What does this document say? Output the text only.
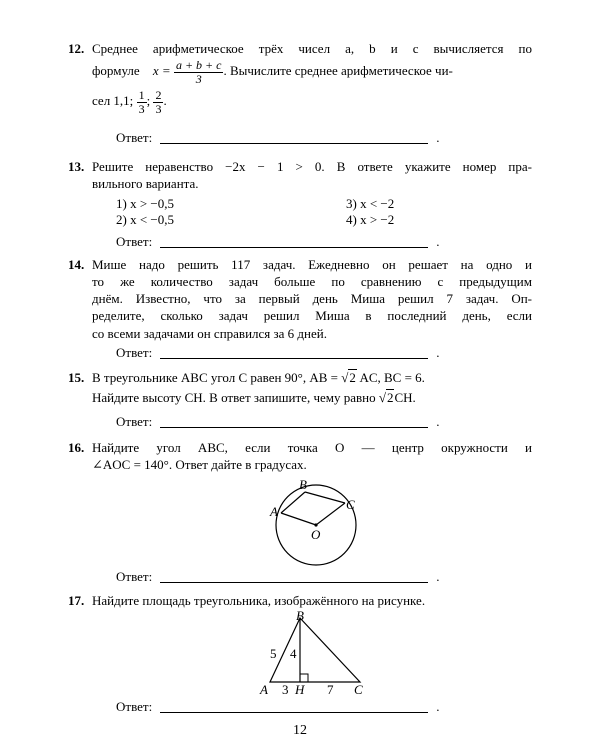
12. Среднее арифметическое трёх чисел a, b и c вычисляется по
формуле $x = \frac{a + b + c}{3}$ . Вычислите среднее арифметическое чи-
сел 1,1; $\frac{1}{3}$ ; $\frac{2}{3}$ .
Ответ:	.
13. Решите неравенство −2x − 1 > 0. В ответе укажите номер пра-
вильного варианта.
1) x > −0,5
2) x < −0,5
3) x < −2
4) x > −2
Ответ:	.
14. Мише надо решить 117 задач. Ежедневно он решает на одно и
то же количество задач больше по сравнению с предыдущим
днём. Известно, что за первый день Миша решил 7 задач. Оп-
ределите, сколько задач решил Миша в последний день, если
со всеми задачами он справился за 6 дней.
Ответ:	.
15. В треугольнике ABC угол C равен 90°, AB = √2 AC, BC = 6.
Найдите высоту CH. В ответ запишите, чему равно √2CH.
Ответ:	.
16. Найдите угол ABC, если точка O — центр окружности и
∠AOC = 140°. Ответ дайте в градусах.
A
B
C
O
Ответ:	.
17. Найдите площадь треугольника, изображённого на рисунке.
B
A H	C
5 4
3	7
Ответ:	.
12
